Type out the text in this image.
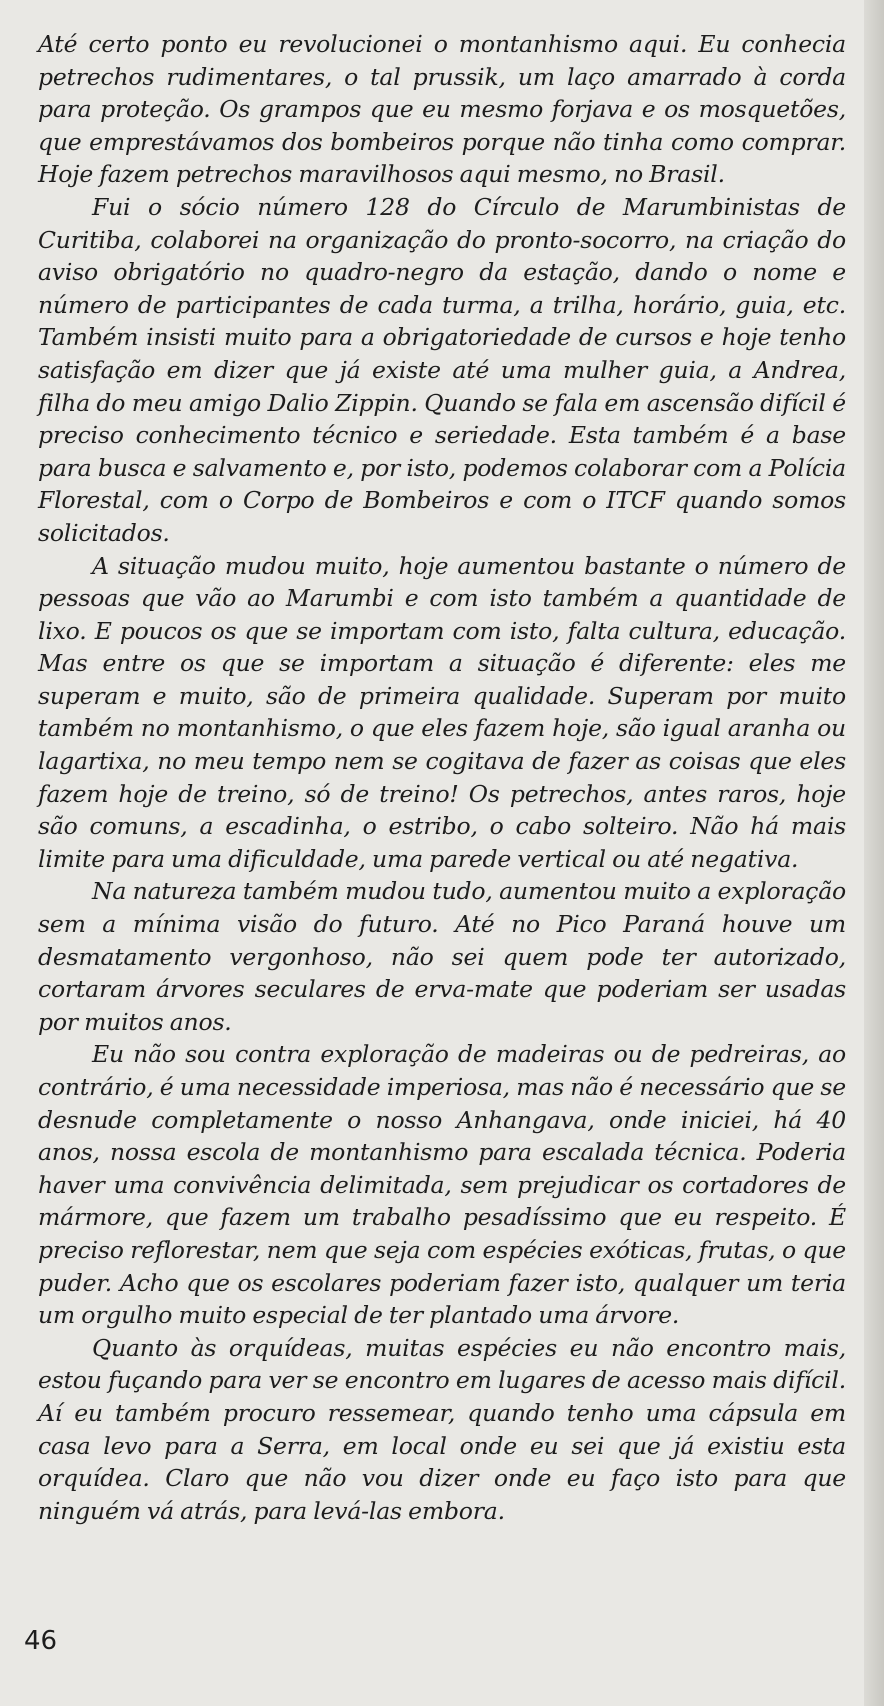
Até certo ponto eu revolucionei o montanhismo aqui. Eu conhecia petrechos rudimentares, o tal prussik, um laço amarrado à corda para proteção. Os grampos que eu mesmo forjava e os mosquetões, que emprestávamos dos bombeiros porque não tinha como comprar. Hoje fazem petrechos maravilhosos aqui mesmo, no Brasil.

Fui o sócio número 128 do Círculo de Marumbinistas de Curitiba, colaborei na organização do pronto-socorro, na criação do aviso obrigatório no quadro-negro da estação, dando o nome e número de participantes de cada turma, a trilha, horário, guia, etc. Também insisti muito para a obrigatoriedade de cursos e hoje tenho satisfação em dizer que já existe até uma mulher guia, a Andrea, filha do meu amigo Dalio Zippin. Quando se fala em ascensão difícil é preciso conhecimento técnico e seriedade. Esta também é a base para busca e salvamento e, por isto, podemos colaborar com a Polícia Florestal, com o Corpo de Bombeiros e com o ITCF quando somos solicitados.

A situação mudou muito, hoje aumentou bastante o número de pessoas que vão ao Marumbi e com isto também a quantidade de lixo. E poucos os que se importam com isto, falta cultura, educação. Mas entre os que se importam a situação é diferente: eles me superam e muito, são de primeira qualidade. Superam por muito também no montanhismo, o que eles fazem hoje, são igual aranha ou lagartixa, no meu tempo nem se cogitava de fazer as coisas que eles fazem hoje de treino, só de treino! Os petrechos, antes raros, hoje são comuns, a escadinha, o estribo, o cabo solteiro. Não há mais limite para uma dificuldade, uma parede vertical ou até negativa.

Na natureza também mudou tudo, aumentou muito a exploração sem a mínima visão do futuro. Até no Pico Paraná houve um desmatamento vergonhoso, não sei quem pode ter autorizado, cortaram árvores seculares de erva-mate que poderiam ser usadas por muitos anos.

Eu não sou contra exploração de madeiras ou de pedreiras, ao contrário, é uma necessidade imperiosa, mas não é necessário que se desnude completamente o nosso Anhangava, onde iniciei, há 40 anos, nossa escola de montanhismo para escalada técnica. Poderia haver uma convivência delimitada, sem prejudicar os cortadores de mármore, que fazem um trabalho pesadíssimo que eu respeito. É preciso reflorestar, nem que seja com espécies exóticas, frutas, o que puder. Acho que os escolares poderiam fazer isto, qualquer um teria um orgulho muito especial de ter plantado uma árvore.

Quanto às orquídeas, muitas espécies eu não encontro mais, estou fuçando para ver se encontro em lugares de acesso mais difícil. Aí eu também procuro ressemear, quando tenho uma cápsula em casa levo para a Serra, em local onde eu sei que já existiu esta orquídea. Claro que não vou dizer onde eu faço isto para que ninguém vá atrás, para levá-las embora.

46
